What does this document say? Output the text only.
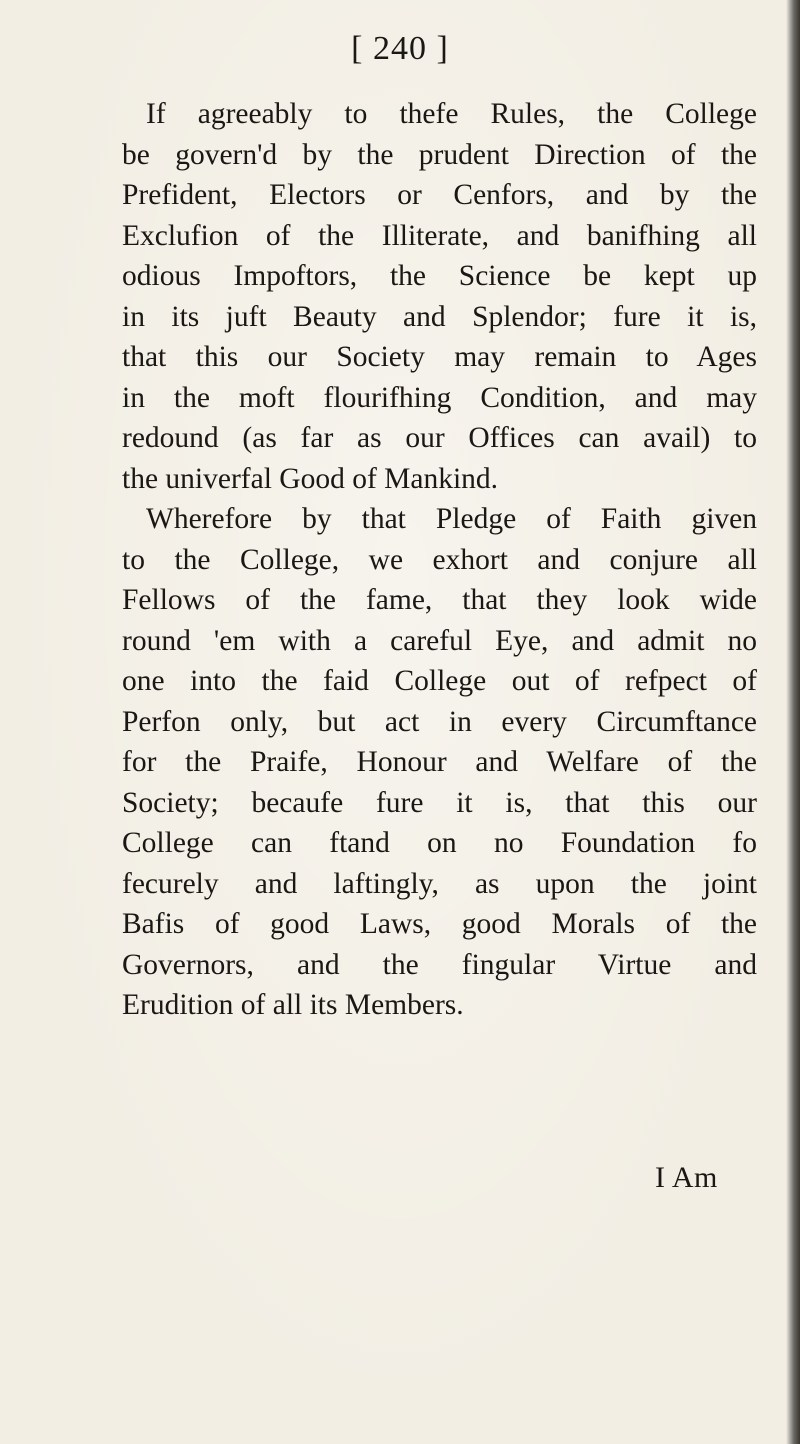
[ 240 ]
If agreeably to thefe Rules, the College
be govern'd by the prudent Direction of the
Prefident, Electors or Cenfors, and by the
Exclufion of the Illiterate, and banifhing all
odious Impoftors, the Science be kept up
in its juft Beauty and Splendor; fure it is,
that this our Society may remain to Ages
in the moft flourifhing Condition, and may
redound (as far as our Offices can avail) to
the univerfal Good of Mankind.
Wherefore by that Pledge of Faith given
to the College, we exhort and conjure all
Fellows of the fame, that they look wide
round 'em with a careful Eye, and admit no
one into the faid College out of refpect of
Perfon only, but act in every Circumftance
for the Praife, Honour and Welfare of the
Society; becaufe fure it is, that this our
College can ftand on no Foundation fo
fecurely and laftingly, as upon the joint
Bafis of good Laws, good Morals of the
Governors, and the fingular Virtue and
Erudition of all its Members.
I Am
